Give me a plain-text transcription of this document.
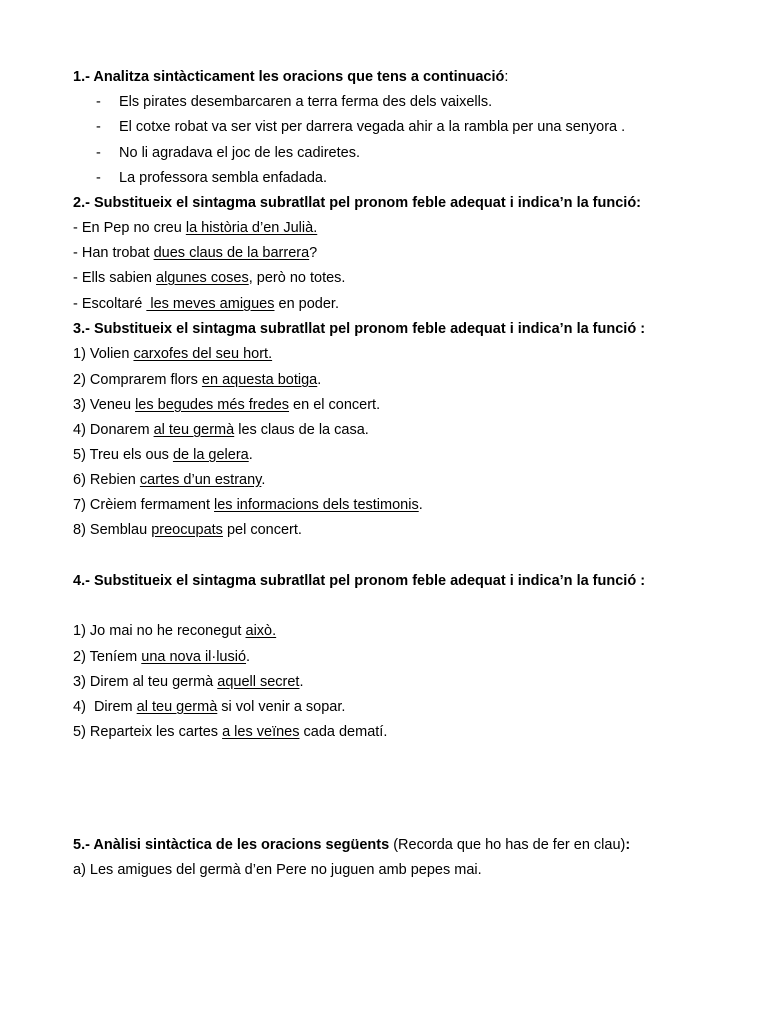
1.- Analitza sintàcticament les oracions que tens a continuació:
- Els pirates desembarcaren a terra ferma des dels vaixells.
- El cotxe robat va ser vist per darrera vegada ahir a la rambla per una senyora .
- No li agradava el joc de les cadiretes.
- La professora sembla enfadada.
2.- Substitueix el sintagma subratllat pel pronom feble adequat i indica’n la funció:
- En Pep no creu la història d’en Julià.
- Han trobat dues claus de la barrera?
- Ells sabien algunes coses, però no totes.
- Escoltaré  les meves amigues en poder.
3.- Substitueix el sintagma subratllat pel pronom feble adequat i indica’n la funció :
1) Volien carxofes del seu hort.
2) Comprarem flors en aquesta botiga.
3) Veneu les begudes més fredes en el concert.
4) Donarem al teu germà les claus de la casa.
5) Treu els ous de la gelera.
6) Rebien cartes d’un estrany.
7) Crèiem fermament les informacions dels testimonis.
8) Semblau preocupats pel concert.
4.- Substitueix el sintagma subratllat pel pronom feble adequat i indica’n la funció :
1) Jo mai no he reconegut això.
2) Teníem una nova il·lusió.
3) Direm al teu germà aquell secret.
4)  Direm al teu germà si vol venir a sopar.
5) Reparteix les cartes a les veïnes cada dematí.
5.- Anàlisi sintàctica de les oracions següents (Recorda que ho has de fer en clau):
a) Les amigues del germà d’en Pere no juguen amb pepes mai.
